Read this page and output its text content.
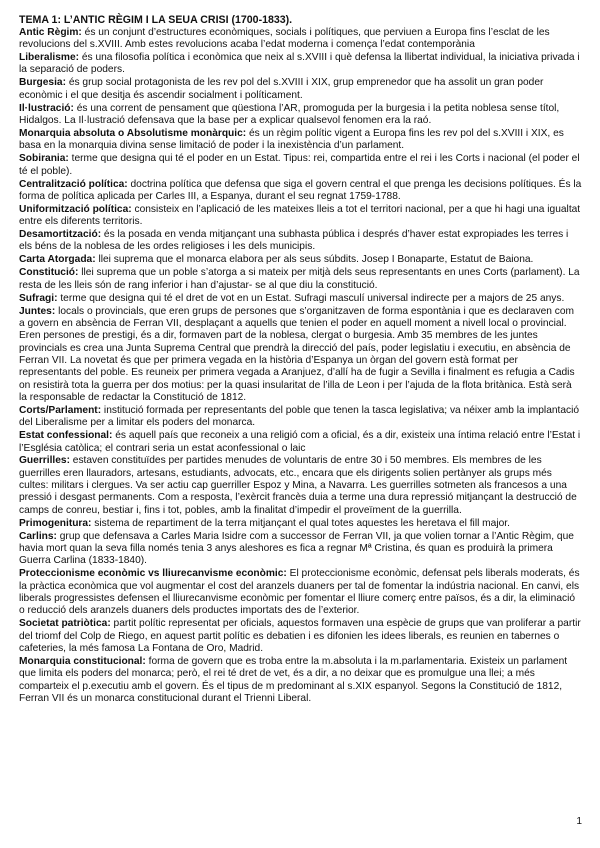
TEMA 1: L’ANTIC RÈGIM I LA SEUA CRISI (1700-1833).

Antic Règim: és un conjunt d’estructures econòmiques, socials i polítiques, que perviuen a Europa fins l’esclat de les revolucions del s.XVIII. Amb estes revolucions acaba l’edat moderna i comença l’edat contemporània

Liberalisme: és una filosofia política i econòmica que neix al s.XVIII i què defensa la llibertat individual, la iniciativa privada i la separació de poders.

Burgesia: és grup social protagonista de les rev pol del s.XVIII i XIX, grup emprenedor que ha assolit un gran poder econòmic i el que desitja és ascendir socialment i políticament.

Il·lustració: és una corrent de pensament que qüestiona l’AR, promoguda per la burgesia i la petita noblesa sense títol, Hidalgos. La Il·lustració defensava que la base per a explicar qualsevol fenomen era la raó.

Monarquia absoluta o Absolutisme monàrquic: és un règim polític vigent a Europa fins les rev pol del s.XVIII i XIX, es basa en la monarquia divina sense limitació de poder i la inexistència d’un parlament.

Sobirania: terme que designa qui té el poder en un Estat. Tipus: rei, compartida entre el rei i les Corts i nacional (el poder el té el poble).

Centralització política: doctrina política que defensa que siga el govern central el que prenga les decisions polítiques. És la forma de política aplicada per Carles III, a Espanya, durant el seu regnat 1759-1788.

Uniformització política: consisteix en l’aplicació de les mateixes lleis a tot el territori nacional, per a que hi hagi una igualtat entre els diferents territoris.

Desamortització: és la posada en venda mitjançant una subhasta pública i després d’haver estat expropiades les terres i els béns de la noblesa de les ordes religioses i les dels municipis.

Carta Atorgada: llei suprema que el monarca elabora per als seus súbdits. Josep I Bonaparte, Estatut de Baiona.

Constitució: llei suprema que un poble s’atorga a si mateix per mitjà dels seus representants en unes Corts (parlament). La resta de les lleis són de rang inferior i han d’ajustar- se al que diu la constitució.

Sufragi: terme que designa qui té el dret de vot en un Estat. Sufragi masculí universal indirecte per a majors de 25 anys.

Juntes: locals o provincials, que eren grups de persones que s’organitzaven de forma espontània i que es declaraven com a govern en absència de Ferran VII, desplaçant a aquells que tenien el poder en aquell moment a nivell local o provincial. Eren persones de prestigi, és a dir, formaven part de la noblesa, clergat o burgesia. Amb 35 membres de les juntes provincials es crea una Junta Suprema Central que prendrà la direcció del país, poder legislatiu i executiu, en absència de Ferran VII. La novetat és que per primera vegada en la història d’Espanya un òrgan del govern està format per representants del poble. Es reuneix per primera vegada a Aranjuez, d’allí ha de fugir a Sevilla i finalment es refugia a Cadis on resistirà tota la guerra per dos motius: per la quasi insularitat de l’illa de Leon i per l’ajuda de la flota britànica. Està serà la responsable de redactar la Constitució de 1812.

Corts/Parlament: institució formada per representants del poble que tenen la tasca legislativa; va néixer amb la implantació del Liberalisme per a limitar els poders del monarca.

Estat confessional: és aquell país que reconeix a una religió com a oficial, és a dir, existeix una íntima relació entre l’Estat i l’Església catòlica; el contrari seria un estat aconfessional o laic

Guerrilles: estaven constituïdes per partides menudes de voluntaris de entre 30 i 50 membres. Els membres de les guerrilles eren llauradors, artesans, estudiants, advocats, etc., encara que els dirigents solien pertànyer als grups més cultes: militars i clergues. Va ser actiu cap guerriller Espoz y Mina, a Navarra. Les guerrilles sotmeten als francesos a una pressió i desgast permanents. Com a resposta, l’exèrcit francès duia a terme una dura repressió mitjançant la destrucció de camps de conreu, bestiar i, fins i tot, pobles, amb la finalitat d’impedir el proveïment de la guerrilla.

Primogenitura: sistema de repartiment de la terra mitjançant el qual totes aquestes les heretava el fill major.

Carlins: grup que defensava a Carles Maria Isidre com a successor de Ferran VII, ja que volien tornar a l’Antic Règim, que havia mort quan la seva filla només tenia 3 anys aleshores es fica a regnar Mª Cristina, és quan es produirà la primera Guerra Carlina (1833-1840).

Proteccionisme econòmic vs lliurecanvisme econòmic: El proteccionisme econòmic, defensat pels liberals moderats, és la pràctica econòmica que vol augmentar el cost del aranzels duaners per tal de fomentar la indústria nacional. En canvi, els liberals progressistes defensen el lliurecanvisme econòmic per fomentar el lliure comerç entre països, és a dir, la eliminació o reducció dels aranzels duaners dels productes importats des de l’exterior.

Societat patriòtica: partit polític representat per oficials, aquestos formaven una espècie de grups que van proliferar a partir del triomf del Colp de Riego, en aquest partit polític es debatien i es difonien les idees liberals, es reunien en tabernes o cafeteries, la més famosa La Fontana de Oro, Madrid.

Monarquia constitucional: forma de govern que es troba entre la m.absoluta i la m.parlamentaria. Existeix un parlament que limita els poders del monarca; però, el rei té dret de vet, és a dir, a no deixar que es promulgue una llei; a més comparteix el p.executiu amb el govern. És el tipus de m predominant al s.XIX espanyol. Segons la Constitució de 1812, Ferran VII és un monarca constitucional durant el Trienni Liberal.

1
